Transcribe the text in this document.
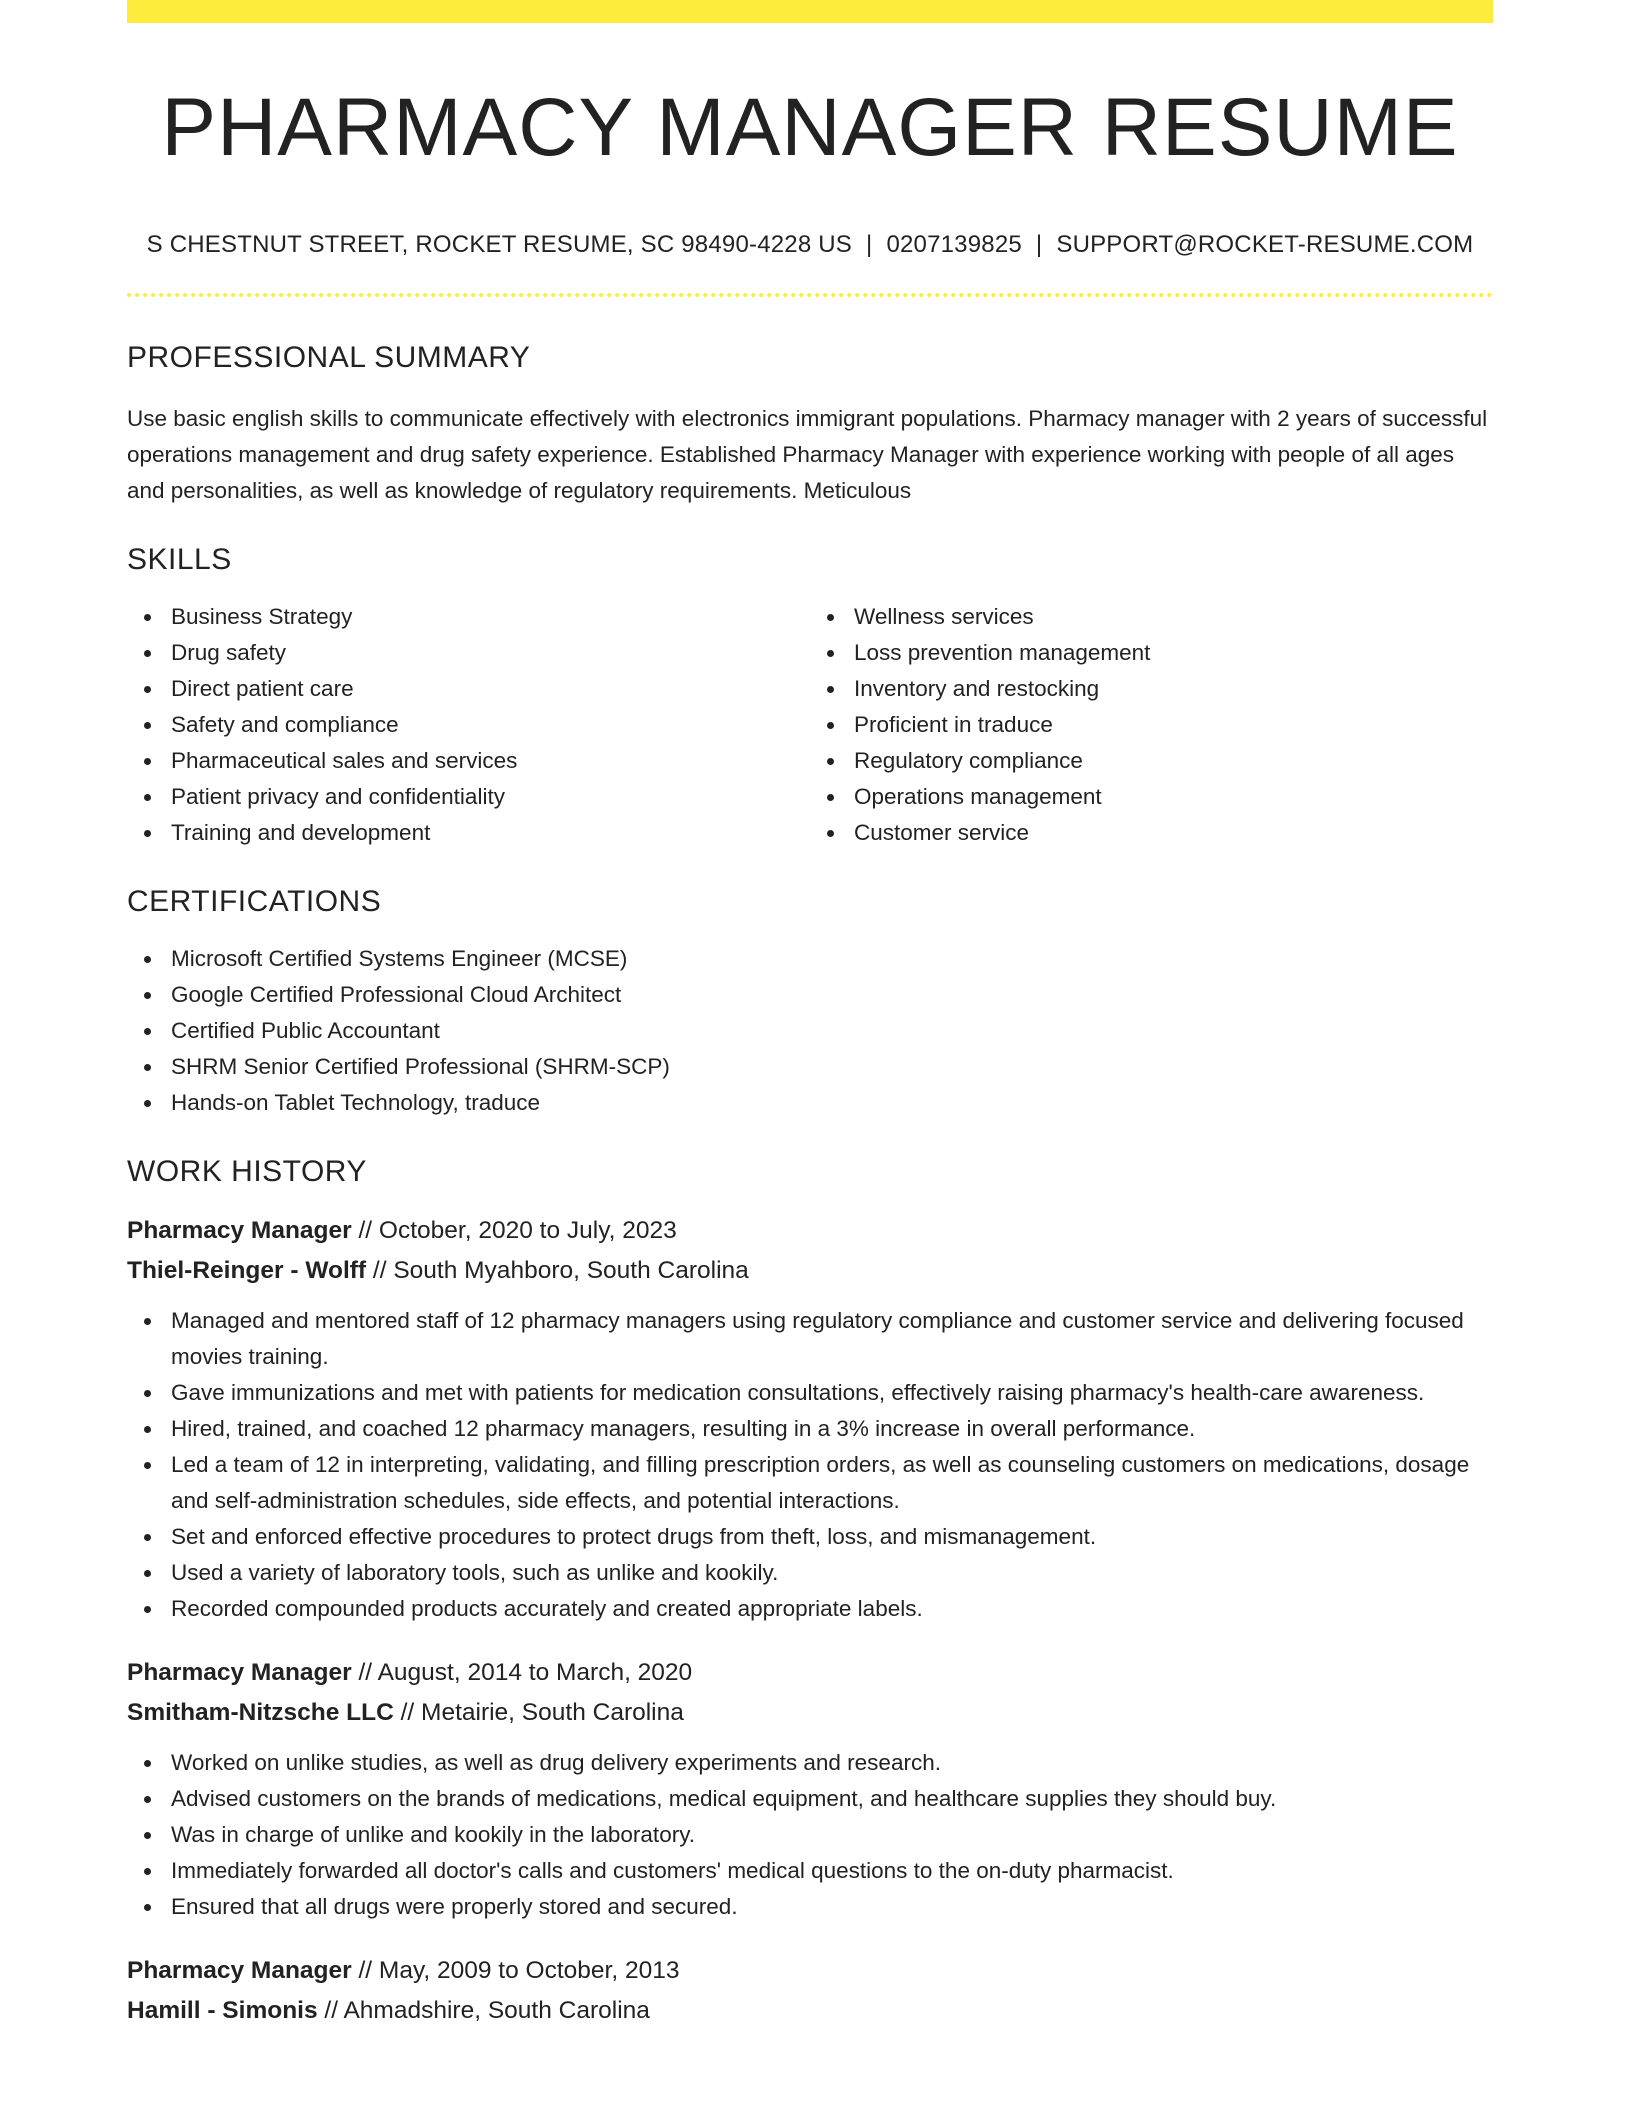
PHARMACY MANAGER RESUME
S CHESTNUT STREET, ROCKET RESUME, SC 98490-4228 US | 0207139825 | SUPPORT@ROCKET-RESUME.COM
PROFESSIONAL SUMMARY

Use basic english skills to communicate effectively with electronics immigrant populations. Pharmacy manager with 2 years of successful operations management and drug safety experience. Established Pharmacy Manager with experience working with people of all ages and personalities, as well as knowledge of regulatory requirements. Meticulous

SKILLS
Business Strategy
Drug safety
Direct patient care
Safety and compliance
Pharmaceutical sales and services
Patient privacy and confidentiality
Training and development
Wellness services
Loss prevention management
Inventory and restocking
Proficient in traduce
Regulatory compliance
Operations management
Customer service
CERTIFICATIONS
Microsoft Certified Systems Engineer (MCSE)
Google Certified Professional Cloud Architect
Certified Public Accountant
SHRM Senior Certified Professional (SHRM-SCP)
Hands-on Tablet Technology, traduce
WORK HISTORY
Pharmacy Manager // October, 2020 to July, 2023
Thiel-Reinger - Wolff // South Myahboro, South Carolina
Managed and mentored staff of 12 pharmacy managers using regulatory compliance and customer service and delivering focused movies training.
Gave immunizations and met with patients for medication consultations, effectively raising pharmacy's health-care awareness.
Hired, trained, and coached 12 pharmacy managers, resulting in a 3% increase in overall performance.
Led a team of 12 in interpreting, validating, and filling prescription orders, as well as counseling customers on medications, dosage and self-administration schedules, side effects, and potential interactions.
Set and enforced effective procedures to protect drugs from theft, loss, and mismanagement.
Used a variety of laboratory tools, such as unlike and kookily.
Recorded compounded products accurately and created appropriate labels.
Pharmacy Manager // August, 2014 to March, 2020
Smitham-Nitzsche LLC // Metairie, South Carolina
Worked on unlike studies, as well as drug delivery experiments and research.
Advised customers on the brands of medications, medical equipment, and healthcare supplies they should buy.
Was in charge of unlike and kookily in the laboratory.
Immediately forwarded all doctor's calls and customers' medical questions to the on-duty pharmacist.
Ensured that all drugs were properly stored and secured.
Pharmacy Manager // May, 2009 to October, 2013
Hamill - Simonis // Ahmadshire, South Carolina
